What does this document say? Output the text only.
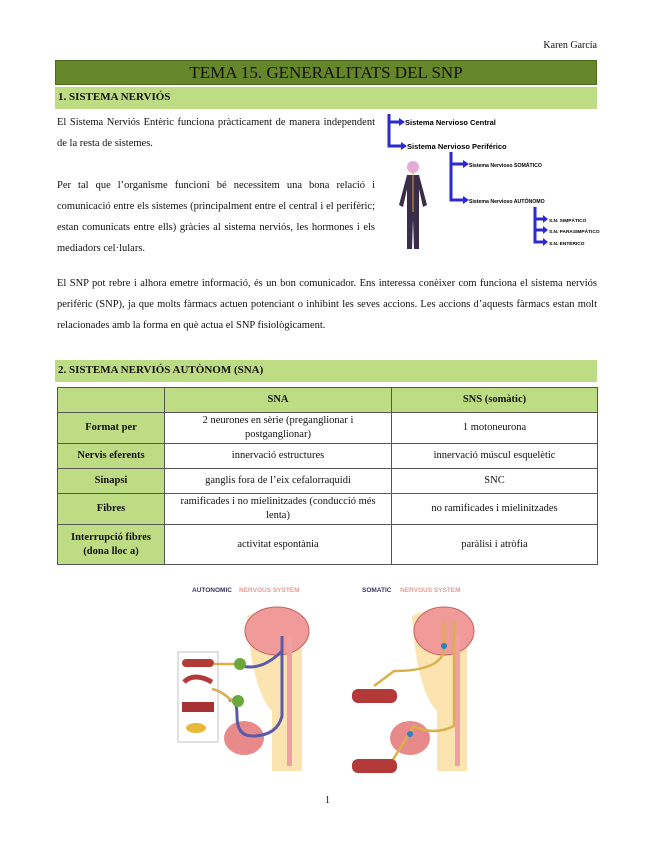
Karen García
TEMA 15. GENERALITATS DEL SNP
1. SISTEMA NERVIÓS
El Sistema Nerviós Entèric funciona pràcticament de manera independent de la resta de sistemes.
Per tal que l’organisme funcioni bé necessitem una bona relació i comunicació entre els sistemes (principalment entre el central i el perifèric; estan comunicats entre ells) gràcies al sistema nerviós, les hormones i els mediadors cel·lulars.
Sistema Nervioso Central
Sistema Nervioso Periférico
Sistema Nervioso SOMÁTICO
Sistema Nervioso AUTÓNOMO
S.N. SIMPÁTICO
S.N. PARASIMPÁTICO
S.N. ENTÉRICO
El SNP pot rebre i alhora emetre informació, és un bon comunicador. Ens interessa conèixer com funciona el sistema nerviós perifèric (SNP), ja que molts fàrmacs actuen potenciant o inhibint les seves accions. Les accions d’aquests fàrmacs estan molt relacionades amb la forma en què actua el SNP fisiològicament.
2. SISTEMA NERVIÓS AUTÒNOM (SNA)
	SNA	SNS (somàtic)
Format per	2 neurones en sèrie (preganglionar i postganglionar)	1 motoneurona
Nervis eferents	innervació estructures	innervació múscul esquelètic
Sinapsi	ganglis fora de l’eix cefalorraquidi	SNC
Fibres	ramificades i no mielinitzades (conducció més lenta)	no ramificades i mielinitzades
Interrupció fibres (dona lloc a)	activitat espontània	paràlisi i atròfia
AUTONOMIC NERVOUS SYSTEM	SOMATIC NERVOUS SYSTEM
1
